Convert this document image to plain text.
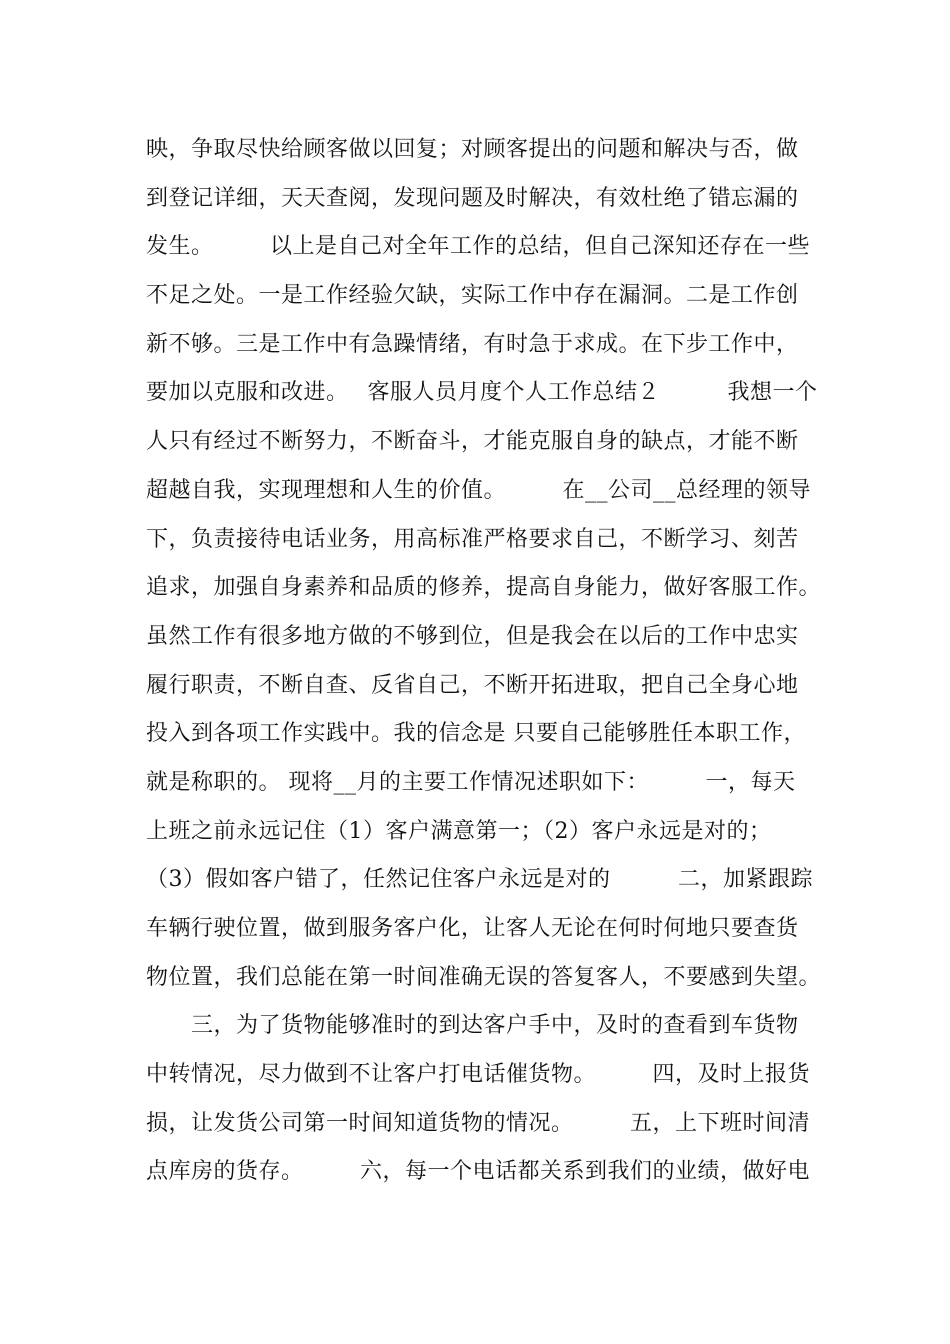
映，争取尽快给顾客做以回复；对顾客提出的问题和解决与否，做
到登记详细，天天查阅，发现问题及时解决，有效杜绝了错忘漏的
发生。　　　以上是自己对全年工作的总结，但自己深知还存在一些
不足之处。一是工作经验欠缺，实际工作中存在漏洞。二是工作创
新不够。三是工作中有急躁情绪，有时急于求成。在下步工作中，
要加以克服和改进。　 客服人员月度个人工作总结２　　　我想一个
人只有经过不断努力，不断奋斗，才能克服自身的缺点，才能不断
超越自我，实现理想和人生的价值。　　　在__公司__总经理的领导
下，负责接待电话业务，用高标准严格要求自己，不断学习、刻苦
追求，加强自身素养和品质的修养，提高自身能力，做好客服工作。
虽然工作有很多地方做的不够到位，但是我会在以后的工作中忠实
履行职责，不断自查、反省自己，不断开拓进取，把自己全身心地
投入到各项工作实践中。我的信念是 只要自己能够胜任本职工作，
就是称职的。 现将__月的主要工作情况述职如下：　　　一，每天
上班之前永远记住（1）客户满意第一；（2）客户永远是对的；
（3）假如客户错了，任然记住客户永远是对的　　　二，加紧跟踪
车辆行驶位置，做到服务客户化，让客人无论在何时何地只要查货
物位置，我们总能在第一时间准确无误的答复客人，不要感到失望。
　　三，为了货物能够准时的到达客户手中，及时的查看到车货物
中转情况，尽力做到不让客户打电话催货物。　　　四，及时上报货
损，让发货公司第一时间知道货物的情况。　　　五，上下班时间清
点库房的货存。　　　六，每一个电话都关系到我们的业绩，做好电
